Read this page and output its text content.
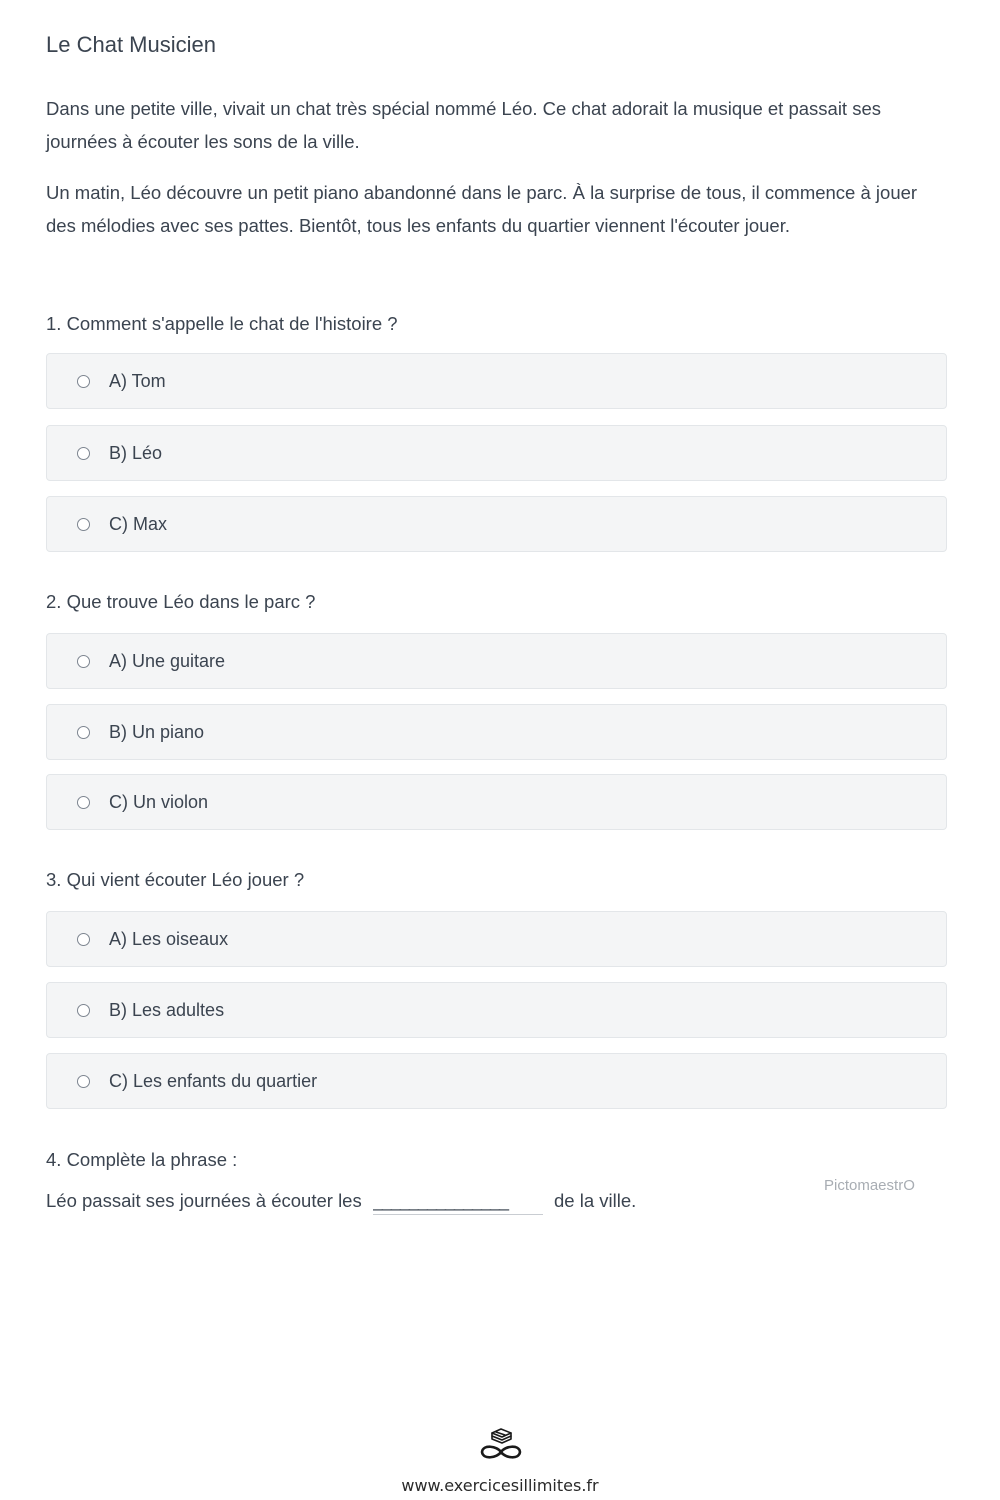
Le Chat Musicien

Dans une petite ville, vivait un chat très spécial nommé Léo. Ce chat adorait la musique et passait ses journées à écouter les sons de la ville.

Un matin, Léo découvre un petit piano abandonné dans le parc. À la surprise de tous, il commence à jouer des mélodies avec ses pattes. Bientôt, tous les enfants du quartier viennent l'écouter jouer.

1. Comment s'appelle le chat de l'histoire ?
A) Tom
B) Léo
C) Max
2. Que trouve Léo dans le parc ?
A) Une guitare
B) Un piano
C) Un violon
3. Qui vient écouter Léo jouer ?
A) Les oiseaux
B) Les adultes
C) Les enfants du quartier
4. Complète la phrase :
Léo passait ses journées à écouter les _______________	de la ville.
PictomaestrO
www.exercicesillimites.fr
